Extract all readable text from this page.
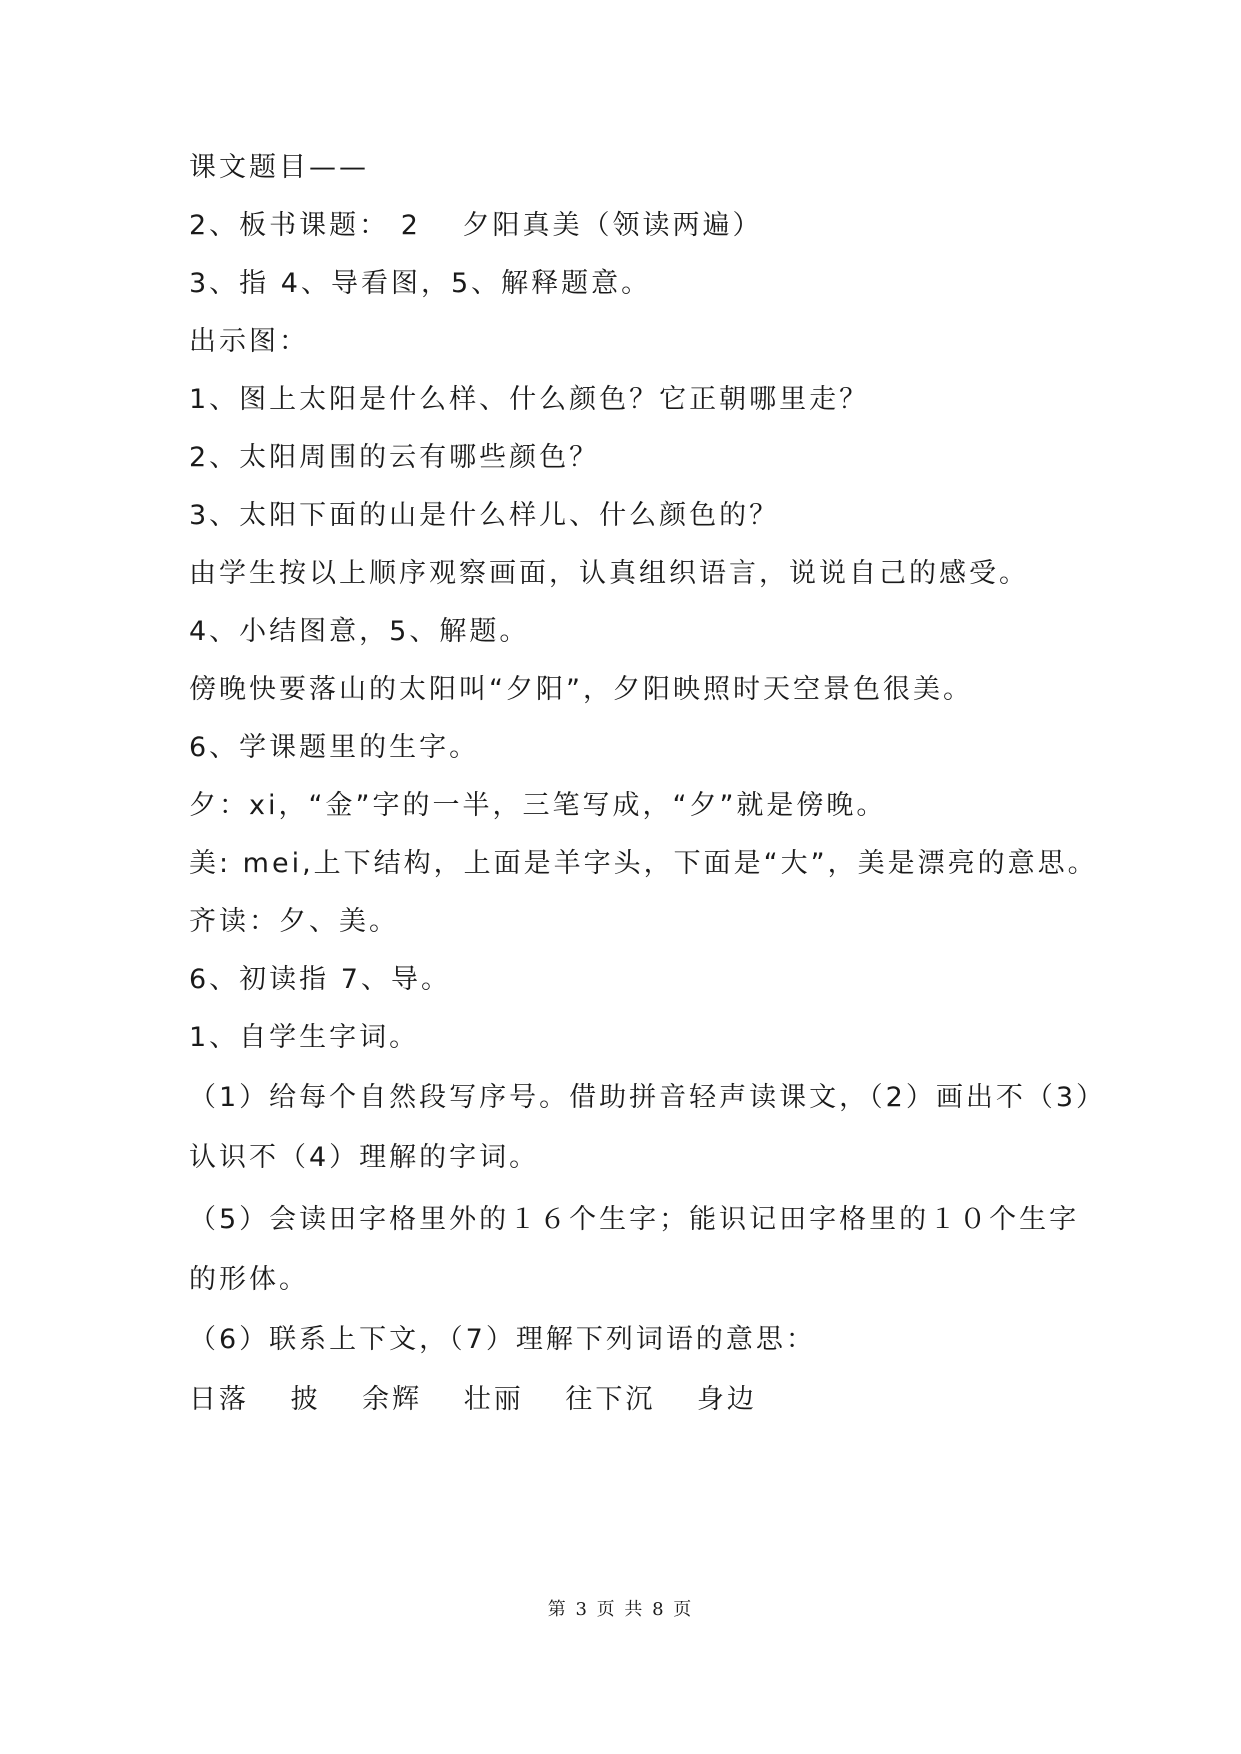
课文题目——
2、板书课题： 2　 夕阳真美（领读两遍）
3、指 4、导看图，5、解释题意。
出示图：
1、图上太阳是什么样、什么颜色？它正朝哪里走？
2、太阳周围的云有哪些颜色？
3、太阳下面的山是什么样儿、什么颜色的？
由学生按以上顺序观察画面，认真组织语言，说说自己的感受。
4、小结图意，5、解题。
傍晚快要落山的太阳叫“夕阳”，夕阳映照时天空景色很美。
6、学课题里的生字。
夕：xi，“金”字的一半，三笔写成，“夕”就是傍晚。
美: mei,上下结构，上面是羊字头，下面是“大”，美是漂亮的意思。
齐读：夕、美。
6、初读指 7、导。
1、自学生字词。
（1）给每个自然段写序号。借助拼音轻声读课文，（2）画出不（3）
认识不（4）理解的字词。
（5）会读田字格里外的１６个生字；能识记田字格里的１０个生字
的形体。
（6）联系上下文，（7）理解下列词语的意思：
日落　 披　 余辉　 壮丽　 往下沉　 身边
第 3 页 共 8 页
